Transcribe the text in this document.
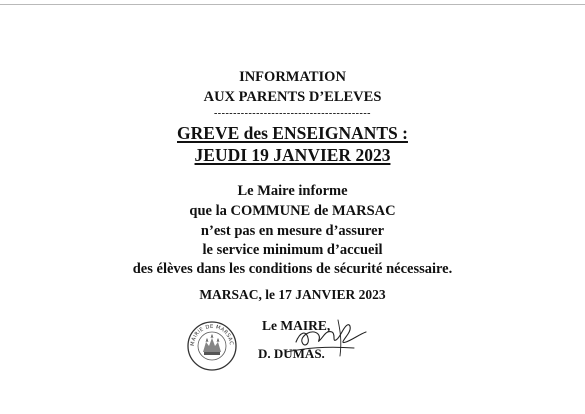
INFORMATION
AUX PARENTS D’ELEVES
-----------------------------------------
GREVE des ENSEIGNANTS :
JEUDI 19 JANVIER 2023
Le Maire informe
que la COMMUNE de MARSAC
n’est pas en mesure d’assurer
le service minimum d’accueil
des élèves dans les conditions de sécurité nécessaire.
MARSAC, le 17 JANVIER 2023
MAIRIE DE MARSAC
Le MAIRE,
D. DUMAS.
